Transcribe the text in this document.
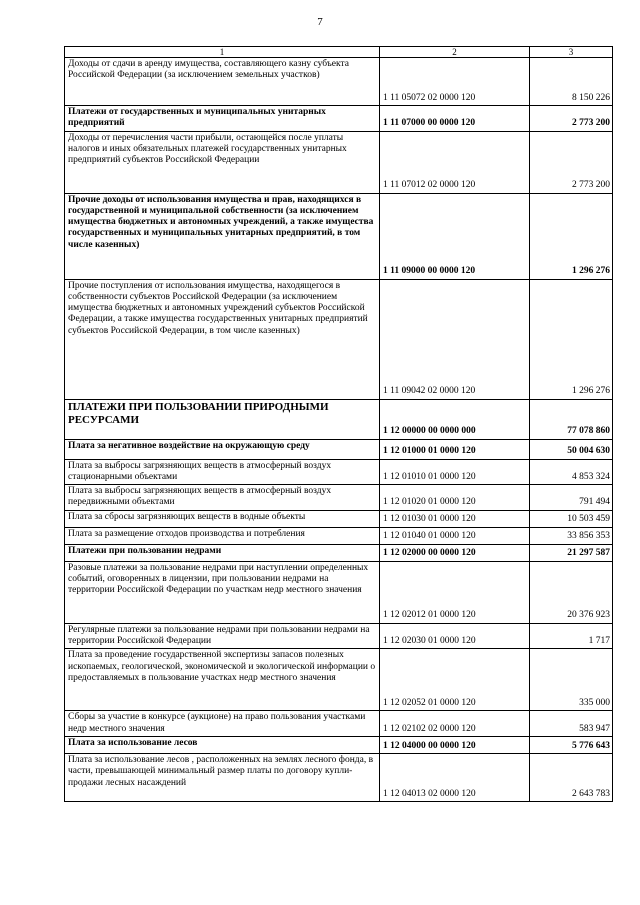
7
1	2	3
Доходы от сдачи в аренду имущества, составляющего казну субъекта Российской Федерации (за исключением земельных участков)	1 11 05072 02 0000 120	8 150 226
Платежи от государственных и муниципальных унитарных предприятий	1 11 07000 00 0000 120	2 773 200
Доходы от перечисления части прибыли, остающейся после уплаты налогов и иных обязательных платежей государственных унитарных предприятий субъектов Российской Федерации	1 11 07012 02 0000 120	2 773 200
Прочие доходы от использования имущества и прав, находящихся в государственной и муниципальной собственности (за исключением имущества бюджетных и автономных учреждений, а также имущества государственных и муниципальных унитарных предприятий, в том числе казенных)	1 11 09000 00 0000 120	1 296 276
Прочие поступления от использования имущества, находящегося в собственности субъектов Российской Федерации (за исключением имущества бюджетных и автономных учреждений субъектов Российской Федерации, а также имущества государственных унитарных предприятий субъектов Российской Федерации, в том числе казенных)	1 11 09042 02 0000 120	1 296 276
ПЛАТЕЖИ ПРИ ПОЛЬЗОВАНИИ ПРИРОДНЫМИ РЕСУРСАМИ	1 12 00000 00 0000 000	77 078 860
Плата за негативное воздействие на окружающую среду	1 12 01000 01 0000 120	50 004 630
Плата за выбросы загрязняющих веществ в атмосферный воздух стационарными объектами	1 12 01010 01 0000 120	4 853 324
Плата за выбросы загрязняющих веществ в атмосферный воздух передвижными объектами	1 12 01020 01 0000 120	791 494
Плата за сбросы загрязняющих веществ в водные объекты	1 12 01030 01 0000 120	10 503 459
Плата за размещение отходов производства и потребления	1 12 01040 01 0000 120	33 856 353
Платежи при пользовании недрами	1 12 02000 00 0000 120	21 297 587
Разовые платежи за пользование недрами при наступлении определенных событий, оговоренных в лицензии, при пользовании недрами на территории Российской Федерации по участкам недр местного значения	1 12 02012 01 0000 120	20 376 923
Регулярные платежи за пользование недрами при пользовании недрами на территории Российской Федерации	1 12 02030 01 0000 120	1 717
Плата за проведение государственной экспертизы запасов полезных ископаемых, геологической, экономической и экологической информации о предоставляемых в пользование участках недр местного значения	1 12 02052 01 0000 120	335 000
Сборы за участие в конкурсе (аукционе) на право пользования участками недр местного значения	1 12 02102 02 0000 120	583 947
Плата за использование лесов	1 12 04000 00 0000 120	5 776 643
Плата за использование лесов , расположенных на землях лесного фонда, в части, превышающей минимальный размер платы по договору купли-продажи лесных насаждений	1 12 04013 02 0000 120	2 643 783
